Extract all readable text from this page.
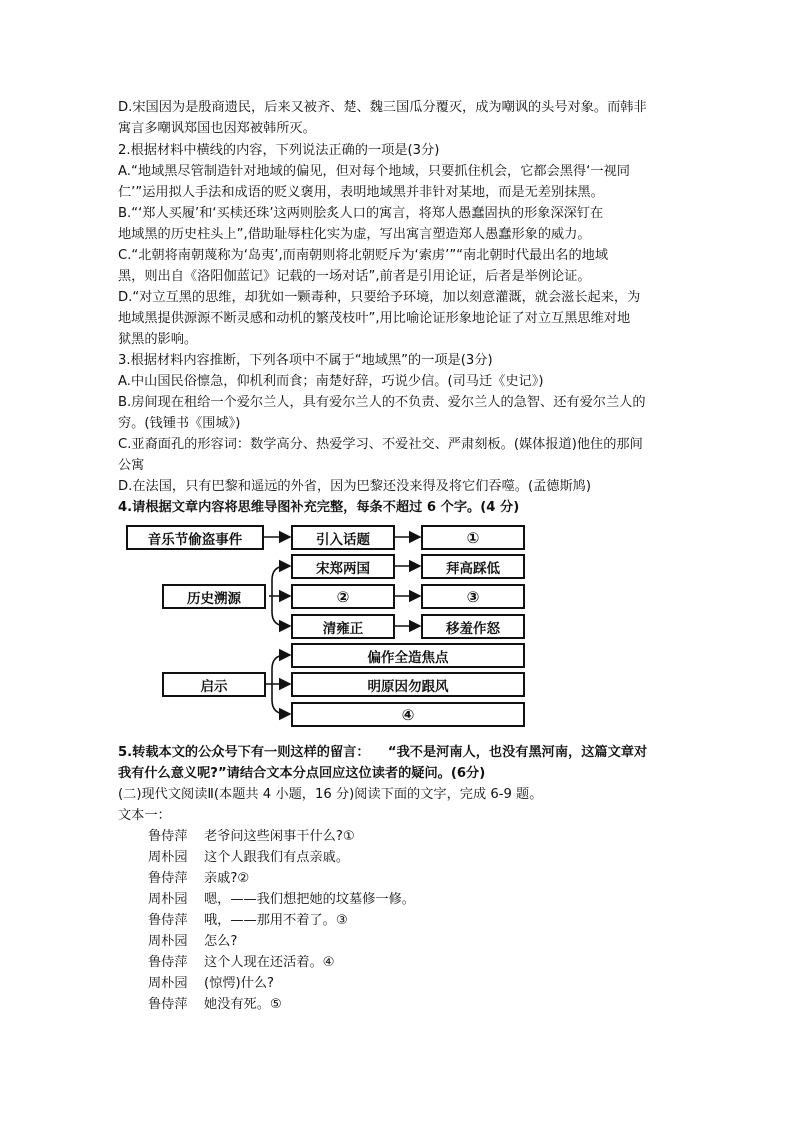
D.宋国因为是殷商遗民，后来又被齐、楚、魏三国瓜分覆灭，成为嘲讽的头号对象。而韩非

寓言多嘲讽郑国也因郑被韩所灭。

2.根据材料中横线的内容，下列说法正确的一项是(3分)

A.“地域黑尽管制造针对地域的偏见，但对每个地域，只要抓住机会，它都会黑得‘一视同

仁’”运用拟人手法和成语的贬义褒用，表明地域黑并非针对某地，而是无差别抹黑。

B.“‘郑人买履’和‘买椟还珠’这两则脍炙人口的寓言，将郑人愚蠢固执的形象深深钉在

地域黑的历史柱头上”,借助耻辱柱化实为虚，写出寓言塑造郑人愚蠢形象的威力。

C.“北朝将南朝蔑称为‘岛夷’,而南朝则将北朝贬斥为‘索虏’”“南北朝时代最出名的地域

黑，则出自《洛阳伽蓝记》记载的一场对话”,前者是引用论证，后者是举例论证。

D.“对立互黑的思维，却犹如一颗毒种，只要给予环境，加以刻意灌溉，就会滋长起来，为

地域黑提供源源不断灵感和动机的繁茂枝叶”,用比喻论证形象地论证了对立互黑思维对地

狱黑的影响。

3.根据材料内容推断，下列各项中不属于“地域黑”的一项是(3分)

A.中山国民俗懔急，仰机利而食；南楚好辞，巧说少信。(司马迁《史记》)

B.房间现在租给一个爱尔兰人，具有爱尔兰人的不负责、爱尔兰人的急智、还有爱尔兰人的

穷。(钱锺书《围城》)

C.亚裔面孔的形容词：数学高分、热爱学习、不爱社交、严肃刻板。(媒体报道)他住的那间

公寓

D.在法国，只有巴黎和遥远的外省，因为巴黎还没来得及将它们吞噬。(孟德斯鸠)

4.请根据文章内容将思维导图补充完整，每条不超过 6 个字。(4 分)

音乐节偷盗事件	引入话题	①
宋郑两国	拜高踩低
历史溯源	②	③
清雍正	移羞作怒
偏作全造焦点
启示	明原因勿跟风
④

5.转载本文的公众号下有一则这样的留言：    “我不是河南人，也没有黑河南，这篇文章对

我有什么意义呢?”请结合文本分点回应这位读者的疑问。(6分)

(二)现代文阅读Ⅱ(本题共 4 小题，16 分)阅读下面的文字，完成 6-9 题。

文本一：

鲁侍萍 老爷问这些闲事干什么?①

周朴园 这个人跟我们有点亲戚。

鲁侍萍 亲戚?②

周朴园 嗯，——我们想把她的坟墓修一修。

鲁侍萍 哦，——那用不着了。③

周朴园 怎么?

鲁侍萍 这个人现在还活着。④

周朴园 (惊愕)什么?

鲁侍萍 她没有死。⑤
